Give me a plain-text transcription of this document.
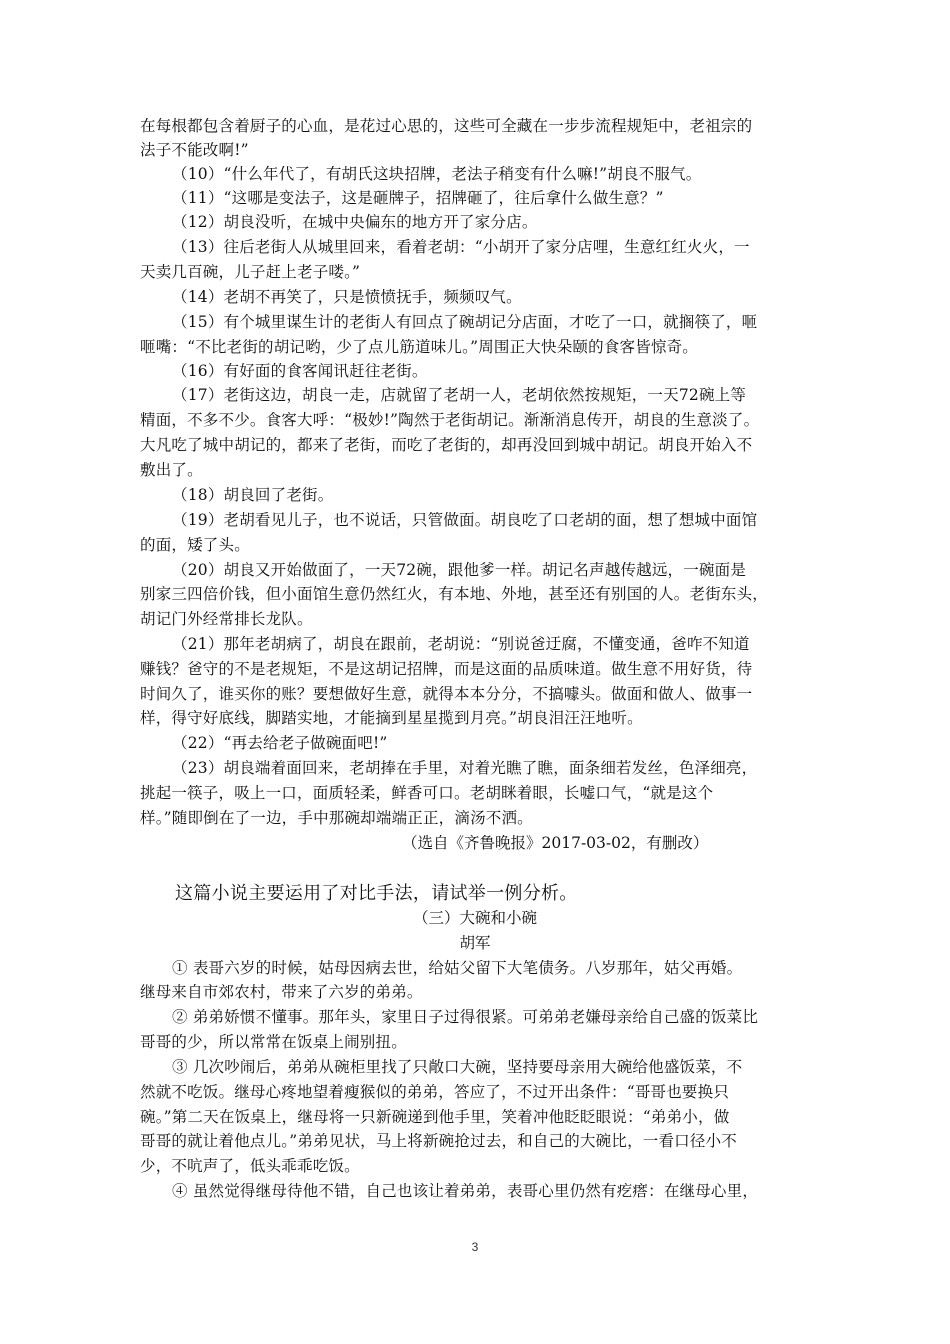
在每根都包含着厨子的心血，是花过心思的，这些可全藏在一步步流程规矩中，老祖宗的
法子不能改啊!”
（10）“什么年代了，有胡氏这块招牌，老法子稍变有什么嘛!”胡良不服气。
（11）“这哪是变法子，这是砸牌子，招牌砸了，往后拿什么做生意？”
（12）胡良没听，在城中央偏东的地方开了家分店。
（13）往后老街人从城里回来，看着老胡：“小胡开了家分店哩，生意红红火火，一
天卖几百碗，儿子赶上老子喽。”
（14）老胡不再笑了，只是愤愤抚手，频频叹气。
（15）有个城里谋生计的老街人有回点了碗胡记分店面，才吃了一口，就搁筷了，咂
咂嘴：“不比老街的胡记哟，少了点儿筋道味儿。”周围正大快朵颐的食客皆惊奇。
（16）有好面的食客闻讯赶往老街。
（17）老街这边，胡良一走，店就留了老胡一人，老胡依然按规矩，一天72碗上等
精面，不多不少。食客大呼：“极妙!”陶然于老街胡记。渐渐消息传开，胡良的生意淡了。
大凡吃了城中胡记的，都来了老街，而吃了老街的，却再没回到城中胡记。胡良开始入不
敷出了。
（18）胡良回了老街。
（19）老胡看见儿子，也不说话，只管做面。胡良吃了口老胡的面，想了想城中面馆
的面，矮了头。
（20）胡良又开始做面了，一天72碗，跟他爹一样。胡记名声越传越远，一碗面是
别家三四倍价钱，但小面馆生意仍然红火，有本地、外地，甚至还有别国的人。老街东头，
胡记门外经常排长龙队。
（21）那年老胡病了，胡良在跟前，老胡说：“别说爸迂腐，不懂变通，爸咋不知道
赚钱？爸守的不是老规矩，不是这胡记招牌，而是这面的品质味道。做生意不用好货，待
时间久了，谁买你的账？要想做好生意，就得本本分分，不搞噱头。做面和做人、做事一
样，得守好底线，脚踏实地，才能摘到星星揽到月亮。”胡良泪汪汪地听。
（22）“再去给老子做碗面吧!”
（23）胡良端着面回来，老胡捧在手里，对着光瞧了瞧，面条细若发丝，色泽细亮，
挑起一筷子，吸上一口，面质轻柔，鲜香可口。老胡眯着眼，长嘘口气，“就是这个
样。”随即倒在了一边，手中那碗却端端正正，滴汤不洒。
（选自《齐鲁晚报》2017-03-02，有删改）
这篇小说主要运用了对比手法，请试举一例分析。
（三）大碗和小碗
胡军
① 表哥六岁的时候，姑母因病去世，给姑父留下大笔债务。八岁那年，姑父再婚。
继母来自市郊农村，带来了六岁的弟弟。
② 弟弟娇惯不懂事。那年头，家里日子过得很紧。可弟弟老嫌母亲给自己盛的饭菜比
哥哥的少，所以常常在饭桌上闹别扭。
③ 几次吵闹后，弟弟从碗柜里找了只敞口大碗，坚持要母亲用大碗给他盛饭菜，不
然就不吃饭。继母心疼地望着瘦猴似的弟弟，答应了，不过开出条件：“哥哥也要换只
碗。”第二天在饭桌上，继母将一只新碗递到他手里，笑着冲他眨眨眼说：“弟弟小，做
哥哥的就让着他点儿。”弟弟见状，马上将新碗抢过去，和自己的大碗比，一看口径小不
少，不吭声了，低头乖乖吃饭。
④ 虽然觉得继母待他不错，自己也该让着弟弟，表哥心里仍然有疙瘩：在继母心里，
3
